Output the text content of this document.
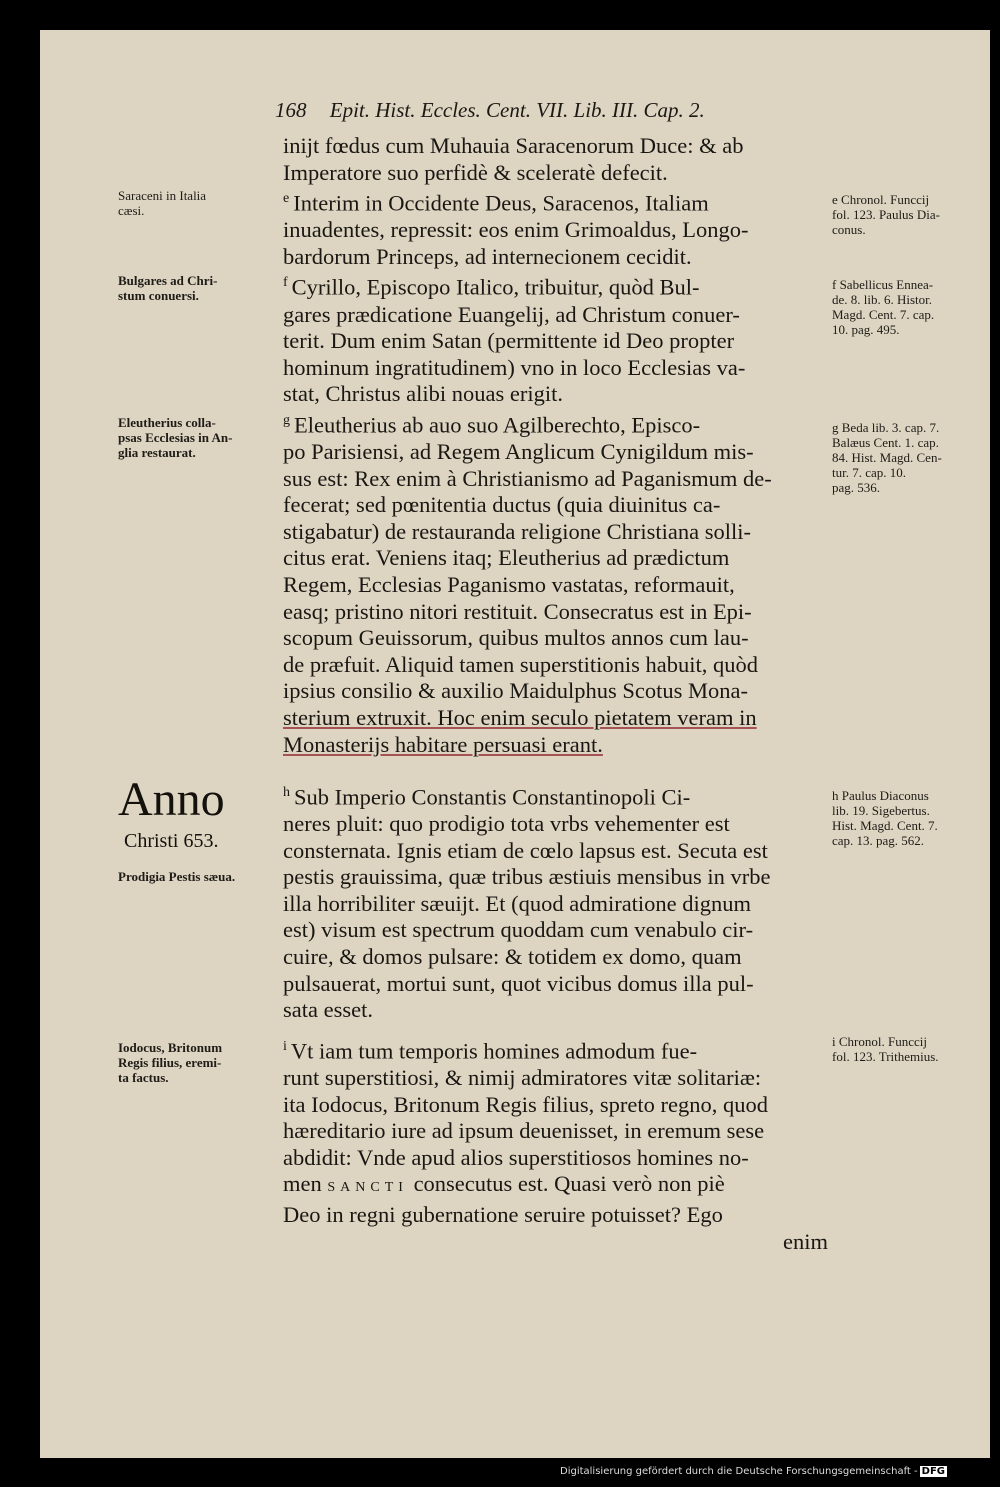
168 Epit. Hist. Eccles. Cent. VII. Lib. III. Cap. 2.

inijt fœdus cum Muhauia Saracenorum Duce: & ab

Imperatore suo perfidè & sceleratè defecit.

$^e$ Interim in Occidente Deus, Saracenos, Italiam

inuadentes, repressit: eos enim Grimoaldus, Longo-

bardorum Princeps, ad internecionem cecidit.

$^f$ Cyrillo, Episcopo Italico, tribuitur, quòd Bul-

gares prædicatione Euangelij, ad Christum conuer-

terit. Dum enim Satan (permittente id Deo propter

hominum ingratitudinem) vno in loco Ecclesias va-

stat, Christus alibi nouas erigit.

$^g$ Eleutherius ab auo suo Agilberechto, Episco-

po Parisiensi, ad Regem Anglicum Cynigildum mis-

sus est: Rex enim à Christianismo ad Paganismum de-

fecerat; sed pœnitentia ductus (quia diuinitus ca-

stigabatur) de restauranda religione Christiana solli-

citus erat. Veniens itaq; Eleutherius ad prædictum

Regem, Ecclesias Paganismo vastatas, reformauit,

easq; pristino nitori restituit. Consecratus est in Epi-

scopum Geuissorum, quibus multos annos cum lau-

de præfuit. Aliquid tamen superstitionis habuit, quòd

ipsius consilio & auxilio Maidulphus Scotus Mona-

sterium extruxit. Hoc enim seculo pietatem veram in

Monasterijs habitare persuasi erant.

$^h$ Sub Imperio Constantis Constantinopoli Ci-

neres pluit: quo prodigio tota vrbs vehementer est

consternata. Ignis etiam de cœlo lapsus est. Secuta est

pestis grauissima, quæ tribus æstiuis mensibus in vrbe

illa horribiliter sæuijt. Et (quod admiratione dignum

est) visum est spectrum quoddam cum venabulo cir-

cuire, & domos pulsare: & totidem ex domo, quam

pulsauerat, mortui sunt, quot vicibus domus illa pul-

sata esset.

$^i$ Vt iam tum temporis homines admodum fue-

runt superstitiosi, & nimij admiratores vitæ solitariæ:

ita Iodocus, Britonum Regis filius, spreto regno, quod

hæreditario iure ad ipsum deuenisset, in eremum sese

abdidit: Vnde apud alios superstitiosos homines no-

men SANCTI consecutus est. Quasi verò non piè

Deo in regni gubernatione seruire potuisset? Ego

enim

Saraceni in Italia
cæsi.
Bulgares ad Chri-
stum conuersi.
Eleutherius colla-
psas Ecclesias in An-
glia restaurat.
Anno
Christi 653.
Prodigia Pestis sæua.
Iodocus, Britonum
Regis filius, eremi-
ta factus.
e Chronol. Funccij
fol. 123. Paulus Dia-
conus.
f Sabellicus Ennea-
de. 8. lib. 6. Histor.
Magd. Cent. 7. cap.
10. pag. 495.
g Beda lib. 3. cap. 7.
Balæus Cent. 1. cap.
84. Hist. Magd. Cen-
tur. 7. cap. 10.
pag. 536.
h Paulus Diaconus
lib. 19. Sigebertus.
Hist. Magd. Cent. 7.
cap. 13. pag. 562.
i Chronol. Funccij
fol. 123. Trithemius.
Digitalisierung gefördert durch die Deutsche Forschungsgemeinschaft - DFG
